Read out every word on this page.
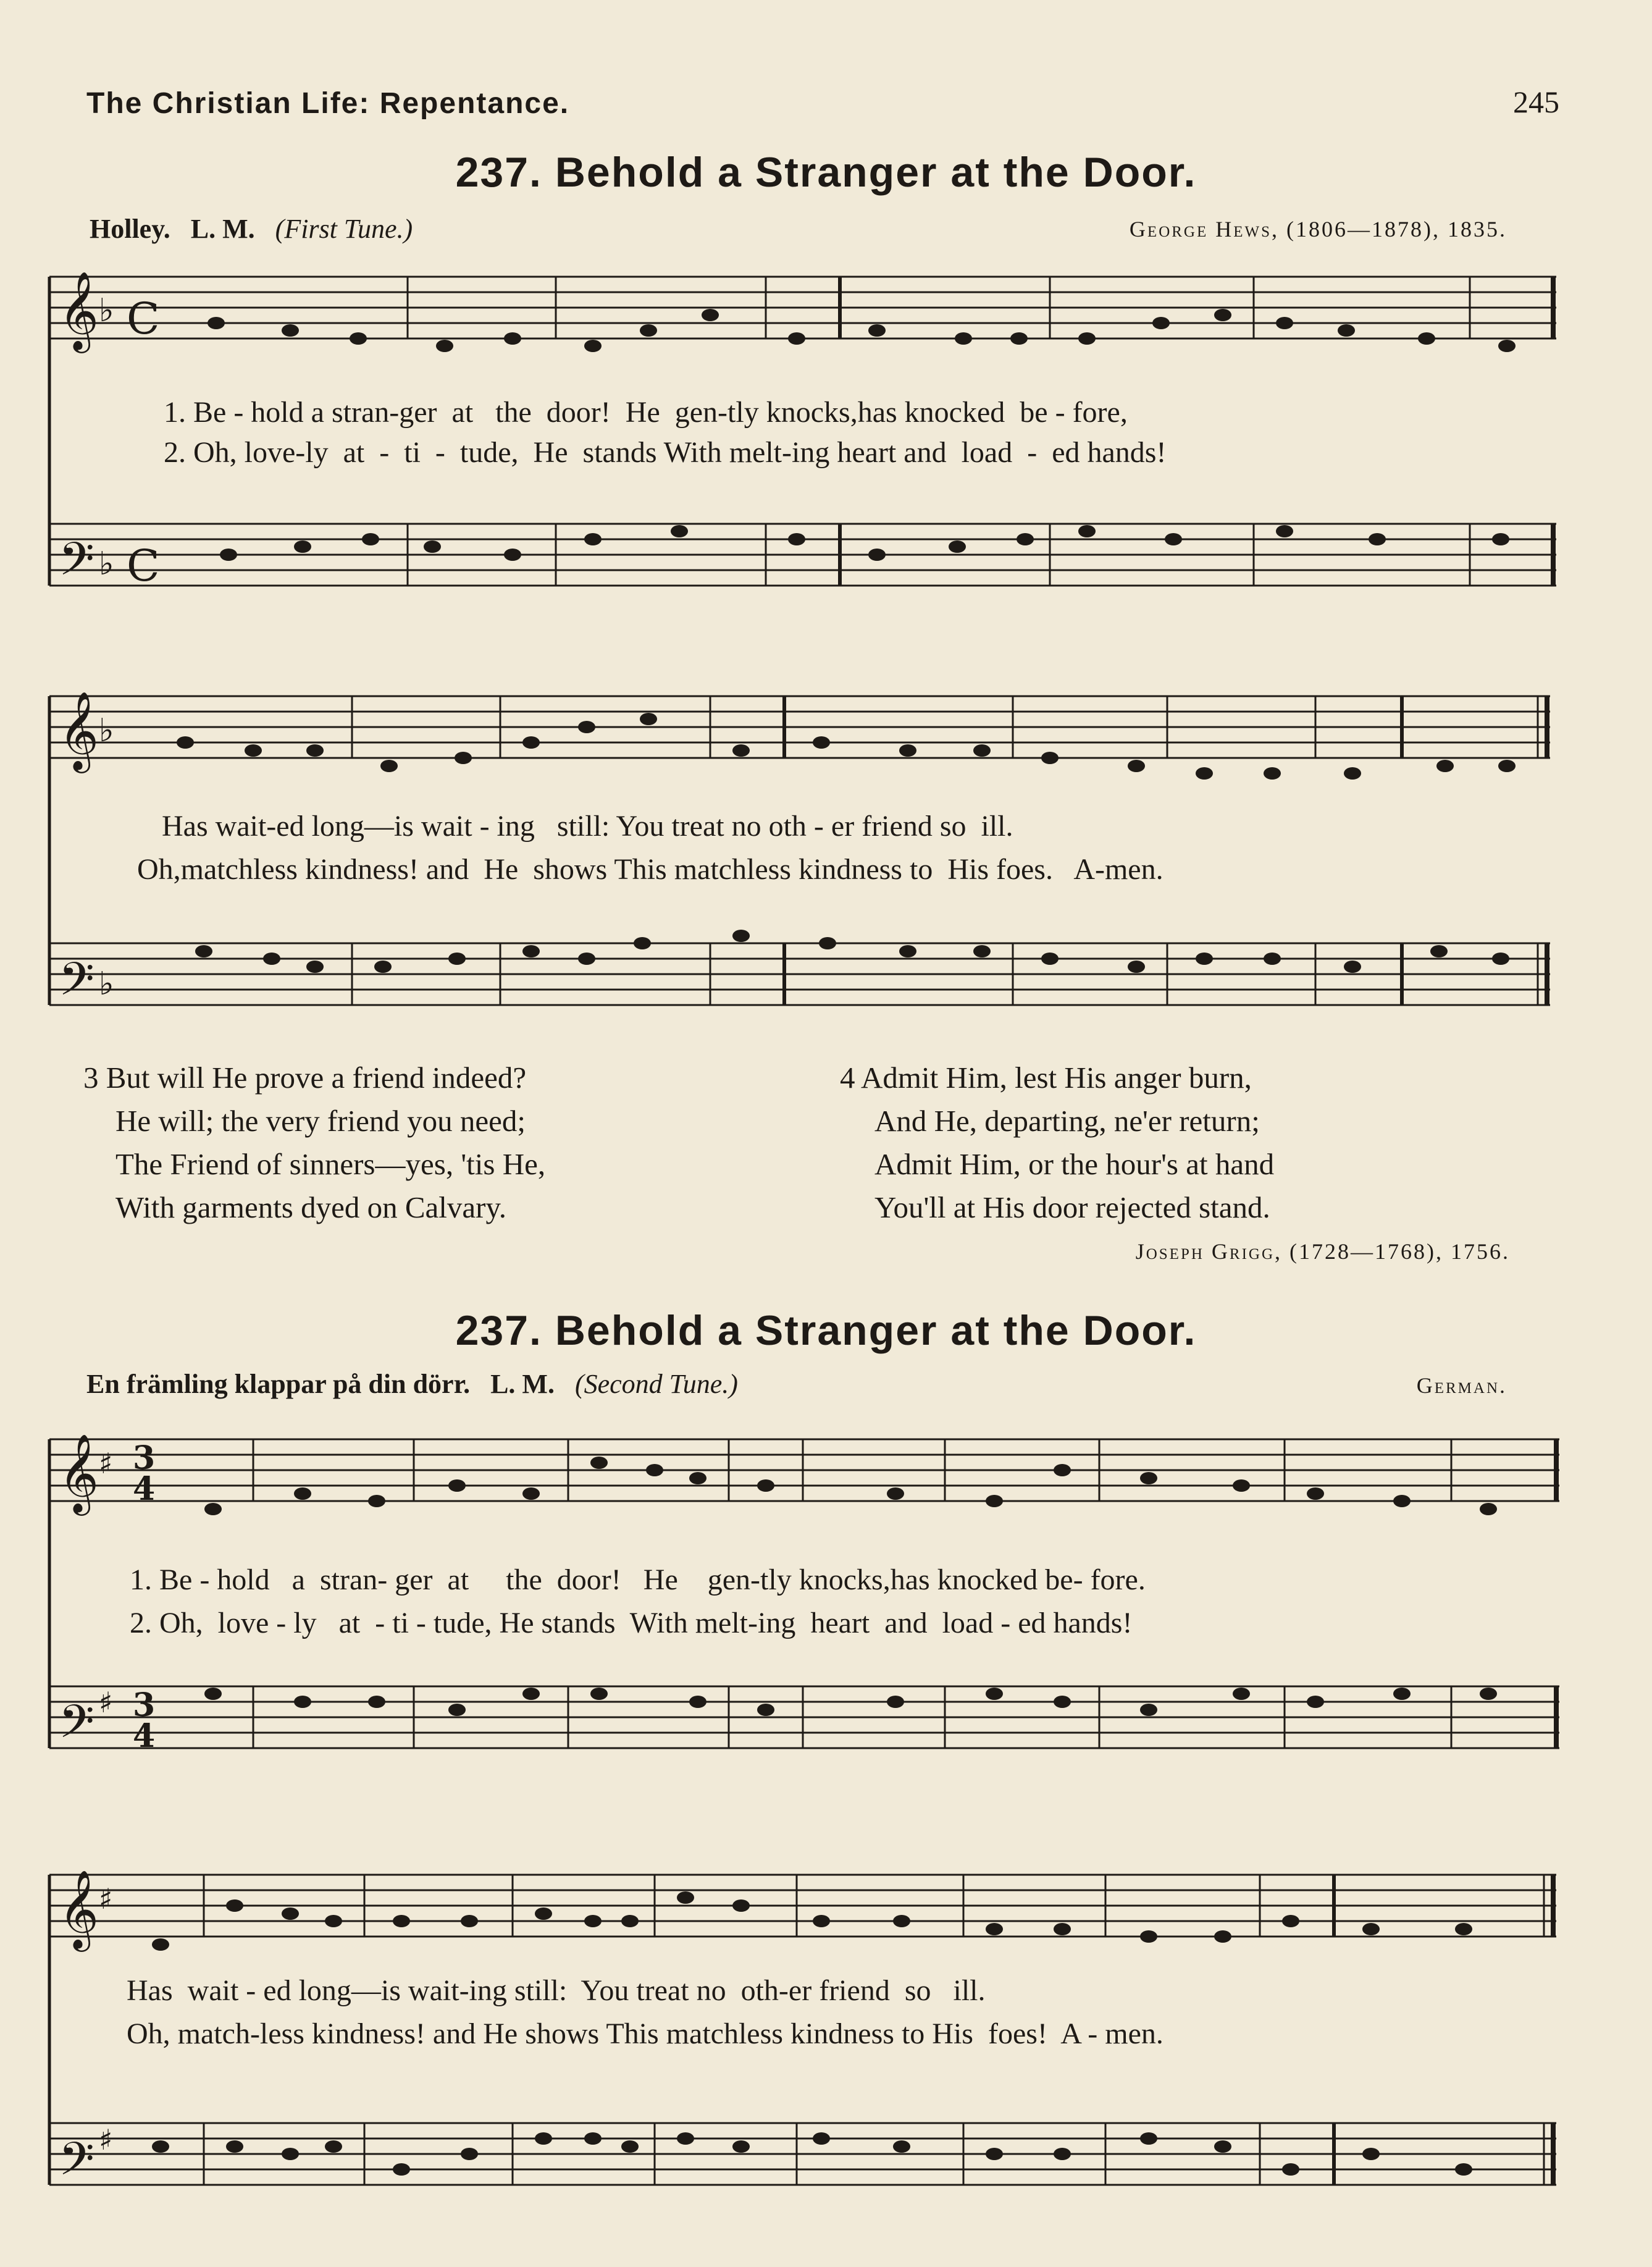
The Christian Life: Repentance.	245
237. Behold a Stranger at the Door.
Holley. L. M. (First Tune.)	George Hews, (1806—1878), 1835.
𝄞
𝄢
♭
♭
C
C
1. Be - hold a stran-ger  at   the  door!  He  gen-tly knocks,has knocked  be - fore,
2. Oh, love-ly  at  -  ti  -  tude,  He  stands With melt-ing heart and  load  -  ed hands!
𝄞
𝄢
♭
♭
Has wait-ed long—is wait - ing   still: You treat no oth - er friend so  ill.
Oh,matchless kindness! and  He  shows This matchless kindness to  His foes.   A-men.
3 But will He prove a friend indeed?
He will; the very friend you need;
The Friend of sinners—yes, 'tis He,
With garments dyed on Calvary.
4 Admit Him, lest His anger burn,
And He, departing, ne'er return;
Admit Him, or the hour's at hand
You'll at His door rejected stand.
Joseph Grigg, (1728—1768), 1756.
237. Behold a Stranger at the Door.
En främling klappar på din dörr. L. M. (Second Tune.)	German.
𝄞
𝄢
♯
♯
3
4
3
4
1. Be - hold   a  stran- ger  at     the  door!   He    gen-tly knocks,has knocked be- fore.
2. Oh,  love - ly   at  - ti - tude, He stands  With melt-ing  heart  and  load - ed hands!
𝄞
𝄢
♯
♯
Has  wait - ed long—is wait-ing still:  You treat no  oth-er friend  so   ill.
Oh, match-less kindness! and He shows This matchless kindness to His  foes!  A - men.
